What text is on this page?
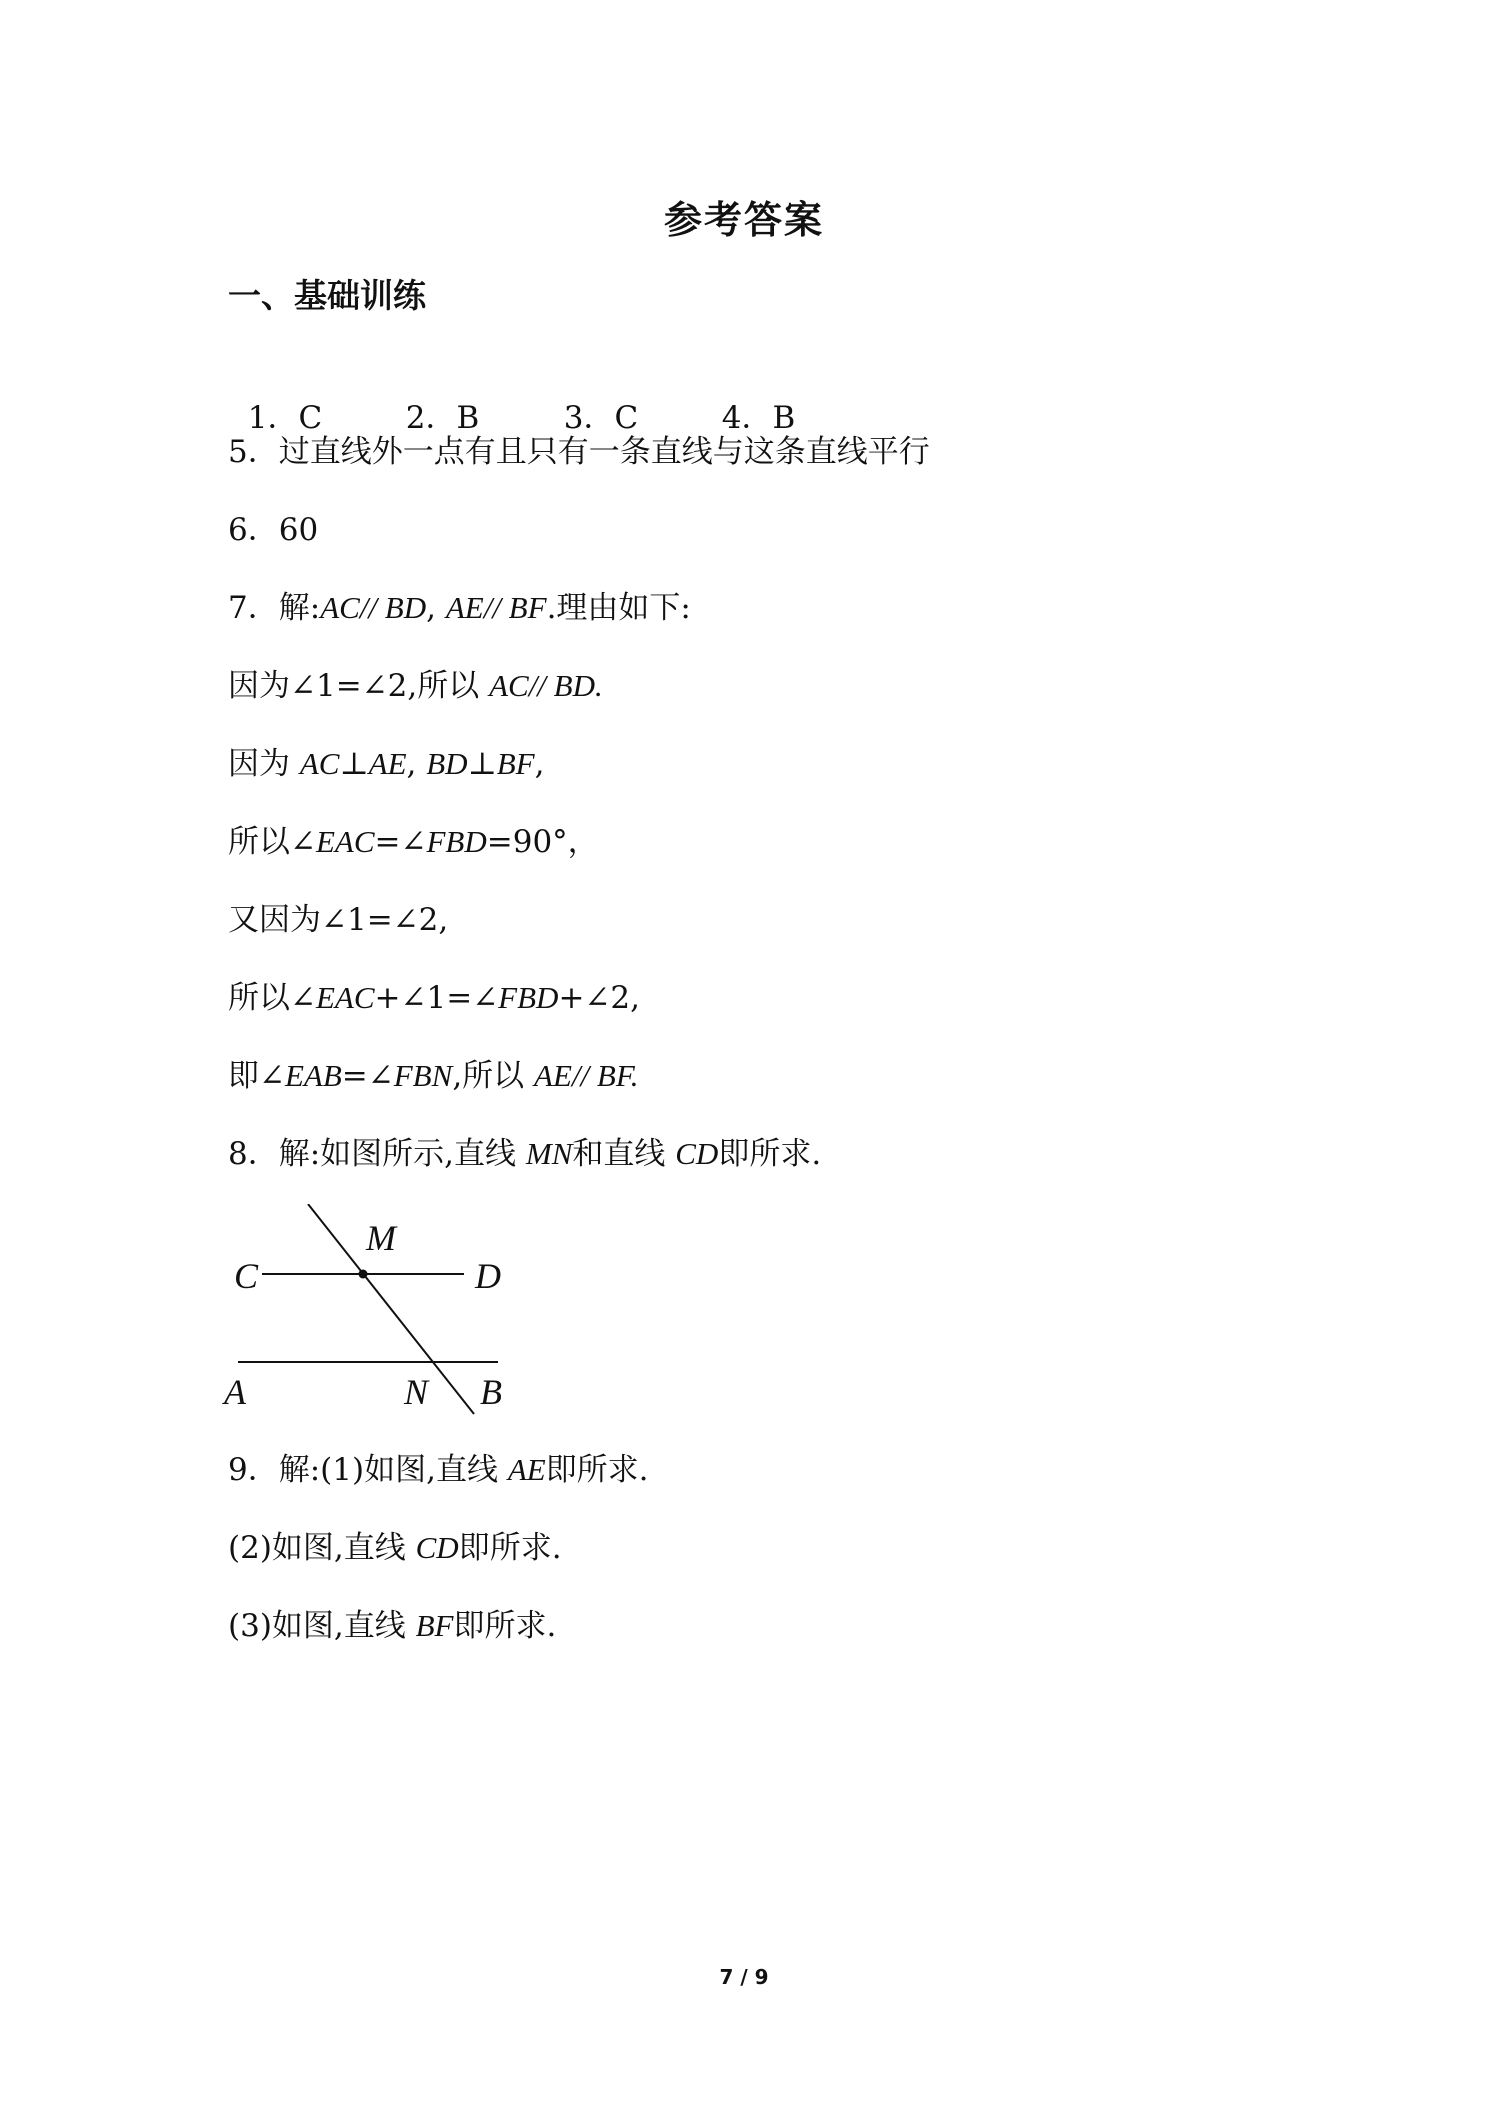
参考答案
一、基础训练

1．C	2．B	3．C	4．B

5．过直线外一点有且只有一条直线与这条直线平行
6．60
7．解:AC// BD, AE// BF.理由如下:
因为∠1=∠2,所以 AC// BD.
因为 AC⊥AE, BD⊥BF,
所以∠EAC=∠FBD=90°，
又因为∠1=∠2,
所以∠EAC+∠1=∠FBD+∠2,
即∠EAB=∠FBN,所以 AE// BF.
8．解:如图所示,直线 MN和直线 CD即所求.
C	D
M
A	N B
9．解:(1)如图,直线 AE即所求.
(2)如图,直线 CD即所求.
(3)如图,直线 BF即所求.
7 / 9
